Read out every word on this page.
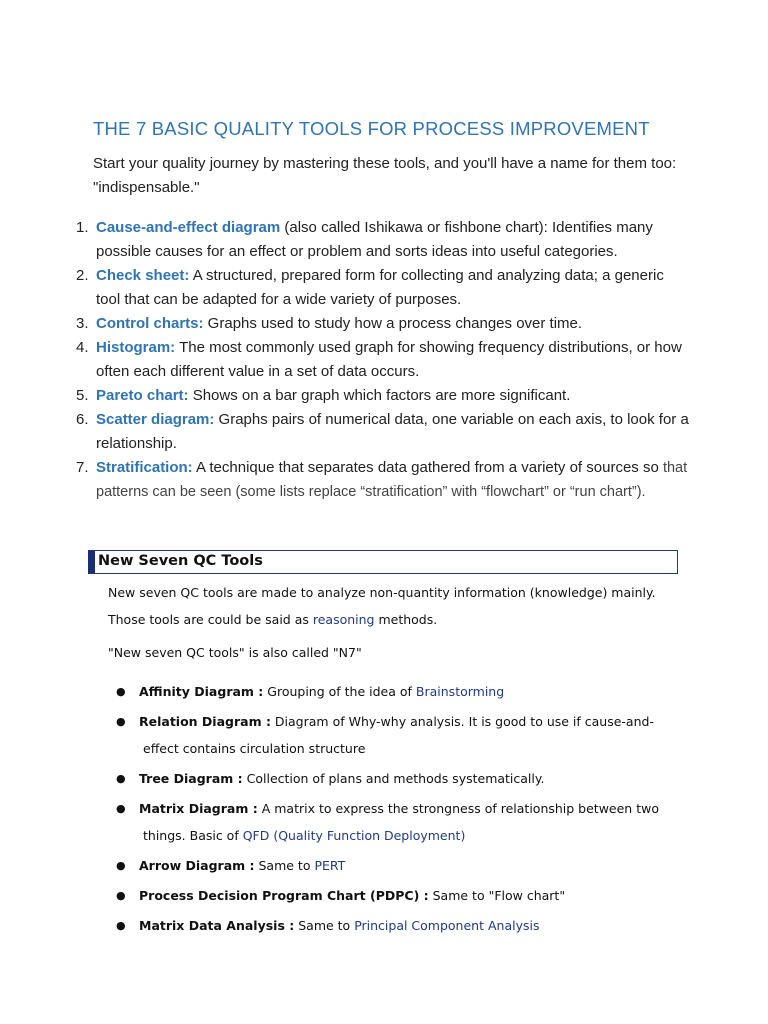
THE 7 BASIC QUALITY TOOLS FOR PROCESS IMPROVEMENT

Start your quality journey by mastering these tools, and you'll have a name for them too: "indispensable."

1. Cause-and-effect diagram (also called Ishikawa or fishbone chart): Identifies many possible causes for an effect or problem and sorts ideas into useful categories.
2. Check sheet: A structured, prepared form for collecting and analyzing data; a generic tool that can be adapted for a wide variety of purposes.
3. Control charts: Graphs used to study how a process changes over time.
4. Histogram: The most commonly used graph for showing frequency distributions, or how often each different value in a set of data occurs.
5. Pareto chart: Shows on a bar graph which factors are more significant.
6. Scatter diagram: Graphs pairs of numerical data, one variable on each axis, to look for a relationship.
7. Stratification: A technique that separates data gathered from a variety of sources so that patterns can be seen (some lists replace “stratification” with “flowchart” or “run chart”).
New Seven QC Tools

New seven QC tools are made to analyze non-quantity information (knowledge) mainly.

Those tools are could be said as reasoning methods.

"New seven QC tools" is also called "N7"

● Affinity Diagram : Grouping of the idea of Brainstorming
● Relation Diagram : Diagram of Why-why analysis. It is good to use if cause-and-
effect contains circulation structure
● Tree Diagram : Collection of plans and methods systematically.
● Matrix Diagram : A matrix to express the strongness of relationship between two
things. Basic of QFD (Quality Function Deployment)
● Arrow Diagram : Same to PERT
● Process Decision Program Chart (PDPC) : Same to "Flow chart"
● Matrix Data Analysis : Same to Principal Component Analysis
